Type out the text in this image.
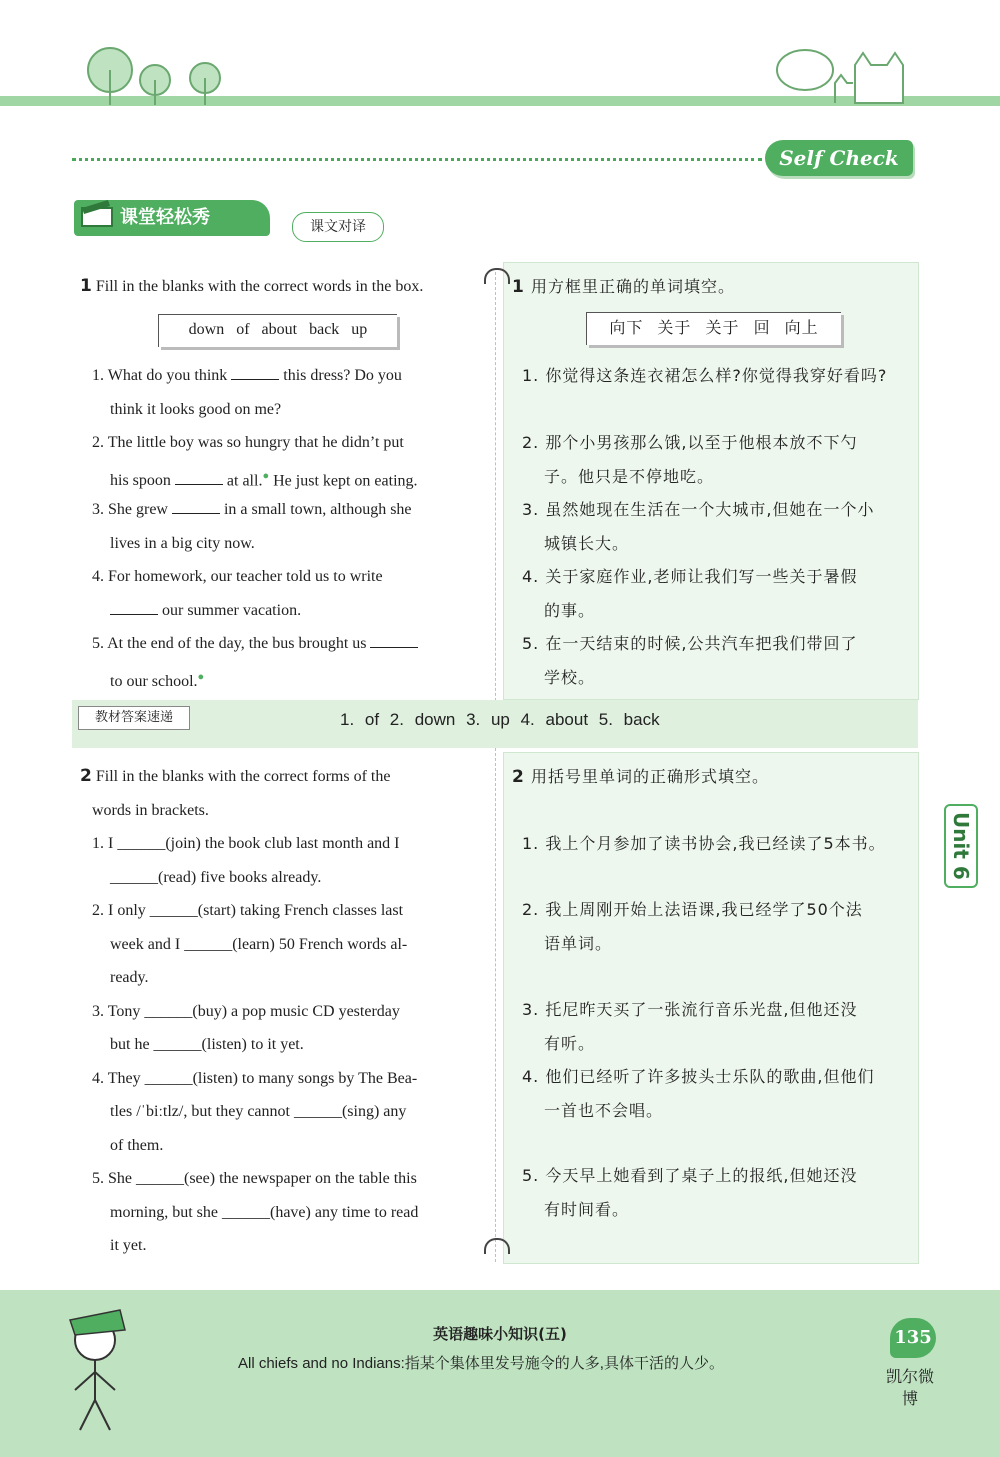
Self Check
课堂轻松秀	课文对译
1 Fill in the blanks with the correct words in the box.
down of about back up
1. What do you think	this dress? Do you
think it looks good on me?
2. The little boy was so hungry that he didn’t put
his spoon	at all.● He just kept on eating.
3. She grew	in a small town, although she
lives in a big city now.
4. For homework, our teacher told us to write
our summer vacation.
5. At the end of the day, the bus brought us
to our school.●
1 用方框里正确的单词填空。
向下 关于 关于 回 向上
1. 你觉得这条连衣裙怎么样?你觉得我穿好看吗?
2. 那个小男孩那么饿,以至于他根本放不下勺
子。他只是不停地吃。
3. 虽然她现在生活在一个大城市,但她在一个小
城镇长大。
4. 关于家庭作业,老师让我们写一些关于暑假
的事。
5. 在一天结束的时候,公共汽车把我们带回了
学校。
教材答案速递	1. of 2. down 3. up 4. about 5. back
2 Fill in the blanks with the correct forms of the
words in brackets.
1. I ______(join) the book club last month and I
______(read) five books already.
2. I only ______(start) taking French classes last
week and I ______(learn) 50 French words al-
ready.
3. Tony ______(buy) a pop music CD yesterday
but he ______(listen) to it yet.
4. They ______(listen) to many songs by The Bea-
tles /ˈbiːtlz/, but they cannot ______(sing) any
of them.
5. She ______(see) the newspaper on the table this
morning, but she ______(have) any time to read
it yet.
2 用括号里单词的正确形式填空。
1. 我上个月参加了读书协会,我已经读了5本书。
2. 我上周刚开始上法语课,我已经学了50个法
语单词。
3. 托尼昨天买了一张流行音乐光盘,但他还没
有听。
4. 他们已经听了许多披头士乐队的歌曲,但他们
一首也不会唱。
5. 今天早上她看到了桌子上的报纸,但她还没
有时间看。
Unit 6
英语趣味小知识(五)
All chiefs and no Indians:指某个集体里发号施令的人多,具体干活的人少。
135
凯尔微博
